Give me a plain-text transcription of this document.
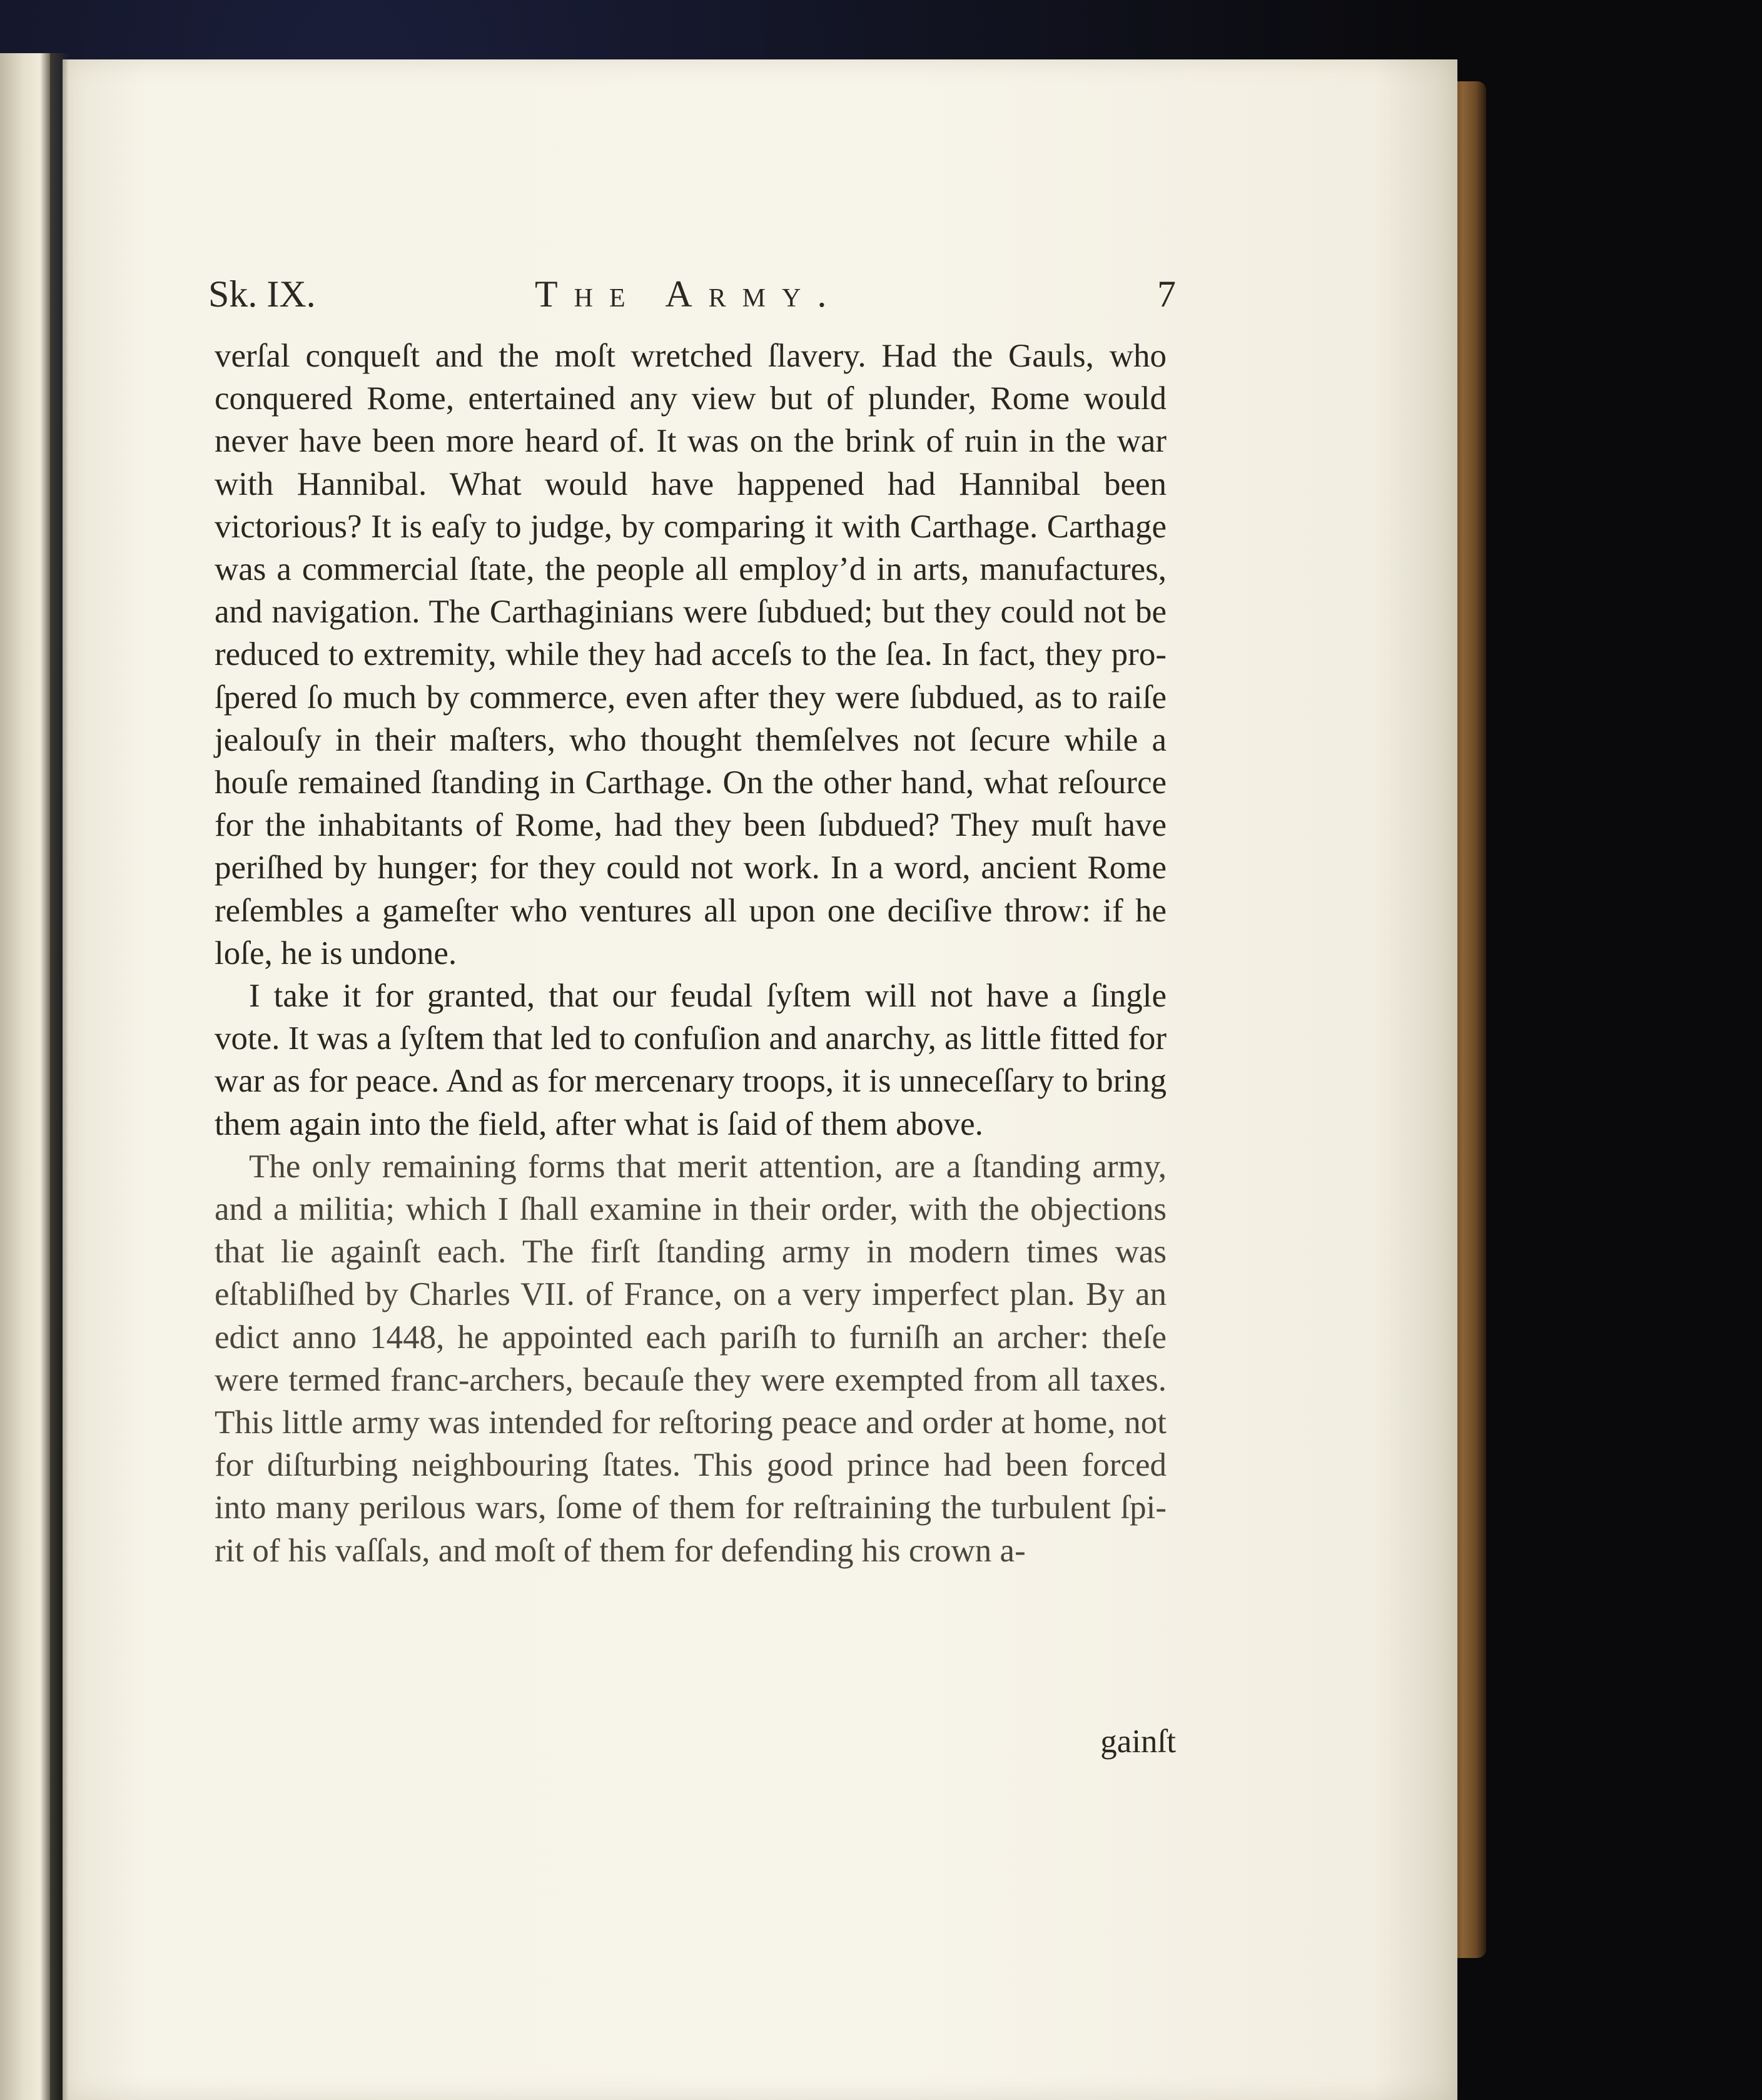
Sk. IX.	The Army.	7

verſal conqueſt and the moſt wretched ſlavery. Had the Gauls, who conquered Rome, entertained any view but of plunder, Rome would never have been more heard of. It was on the brink of ruin in the war with Hannibal. What would have happened had Hannibal been victorious? It is eaſy to judge, by comparing it with Carthage. Carthage was a commercial ſtate, the people all employ’d in arts, manufactures, and navigation. The Carthaginians were ſubdued; but they could not be reduced to extremity, while they had acceſs to the ſea. In fact, they proſpered ſo much by commerce, even after they were ſubdued, as to raiſe jealouſy in their maſters, who thought themſelves not ſecure while a houſe remained ſtanding in Carthage. On the other hand, what reſource for the inhabitants of Rome, had they been ſubdued? They muſt have periſhed by hunger; for they could not work. In a word, ancient Rome reſembles a gameſter who ventures all upon one deciſive throw: if he loſe, he is undone.

I take it for granted, that our feudal ſyſtem will not have a ſingle vote. It was a ſyſtem that led to confuſion and anarchy, as little fitted for war as for peace. And as for mercenary troops, it is unneceſſary to bring them again into the field, after what is ſaid of them above.

The only remaining forms that merit attention, are a ſtanding army, and a militia; which I ſhall examine in their order, with the objections that lie againſt each. The firſt ſtanding army in modern times was eſtabliſhed by Charles VII. of France, on a very imperfect plan. By an edict anno 1448, he appointed each pariſh to furniſh an archer: theſe were termed franc-archers, becauſe they were exempted from all taxes. This little army was intended for reſtoring peace and order at home, not for diſturbing neighbouring ſtates. This good prince had been forced into many perilous wars, ſome of them for reſtraining the turbulent ſpirit of his vaſſals, and moſt of them for defending his crown a-

gainſt
